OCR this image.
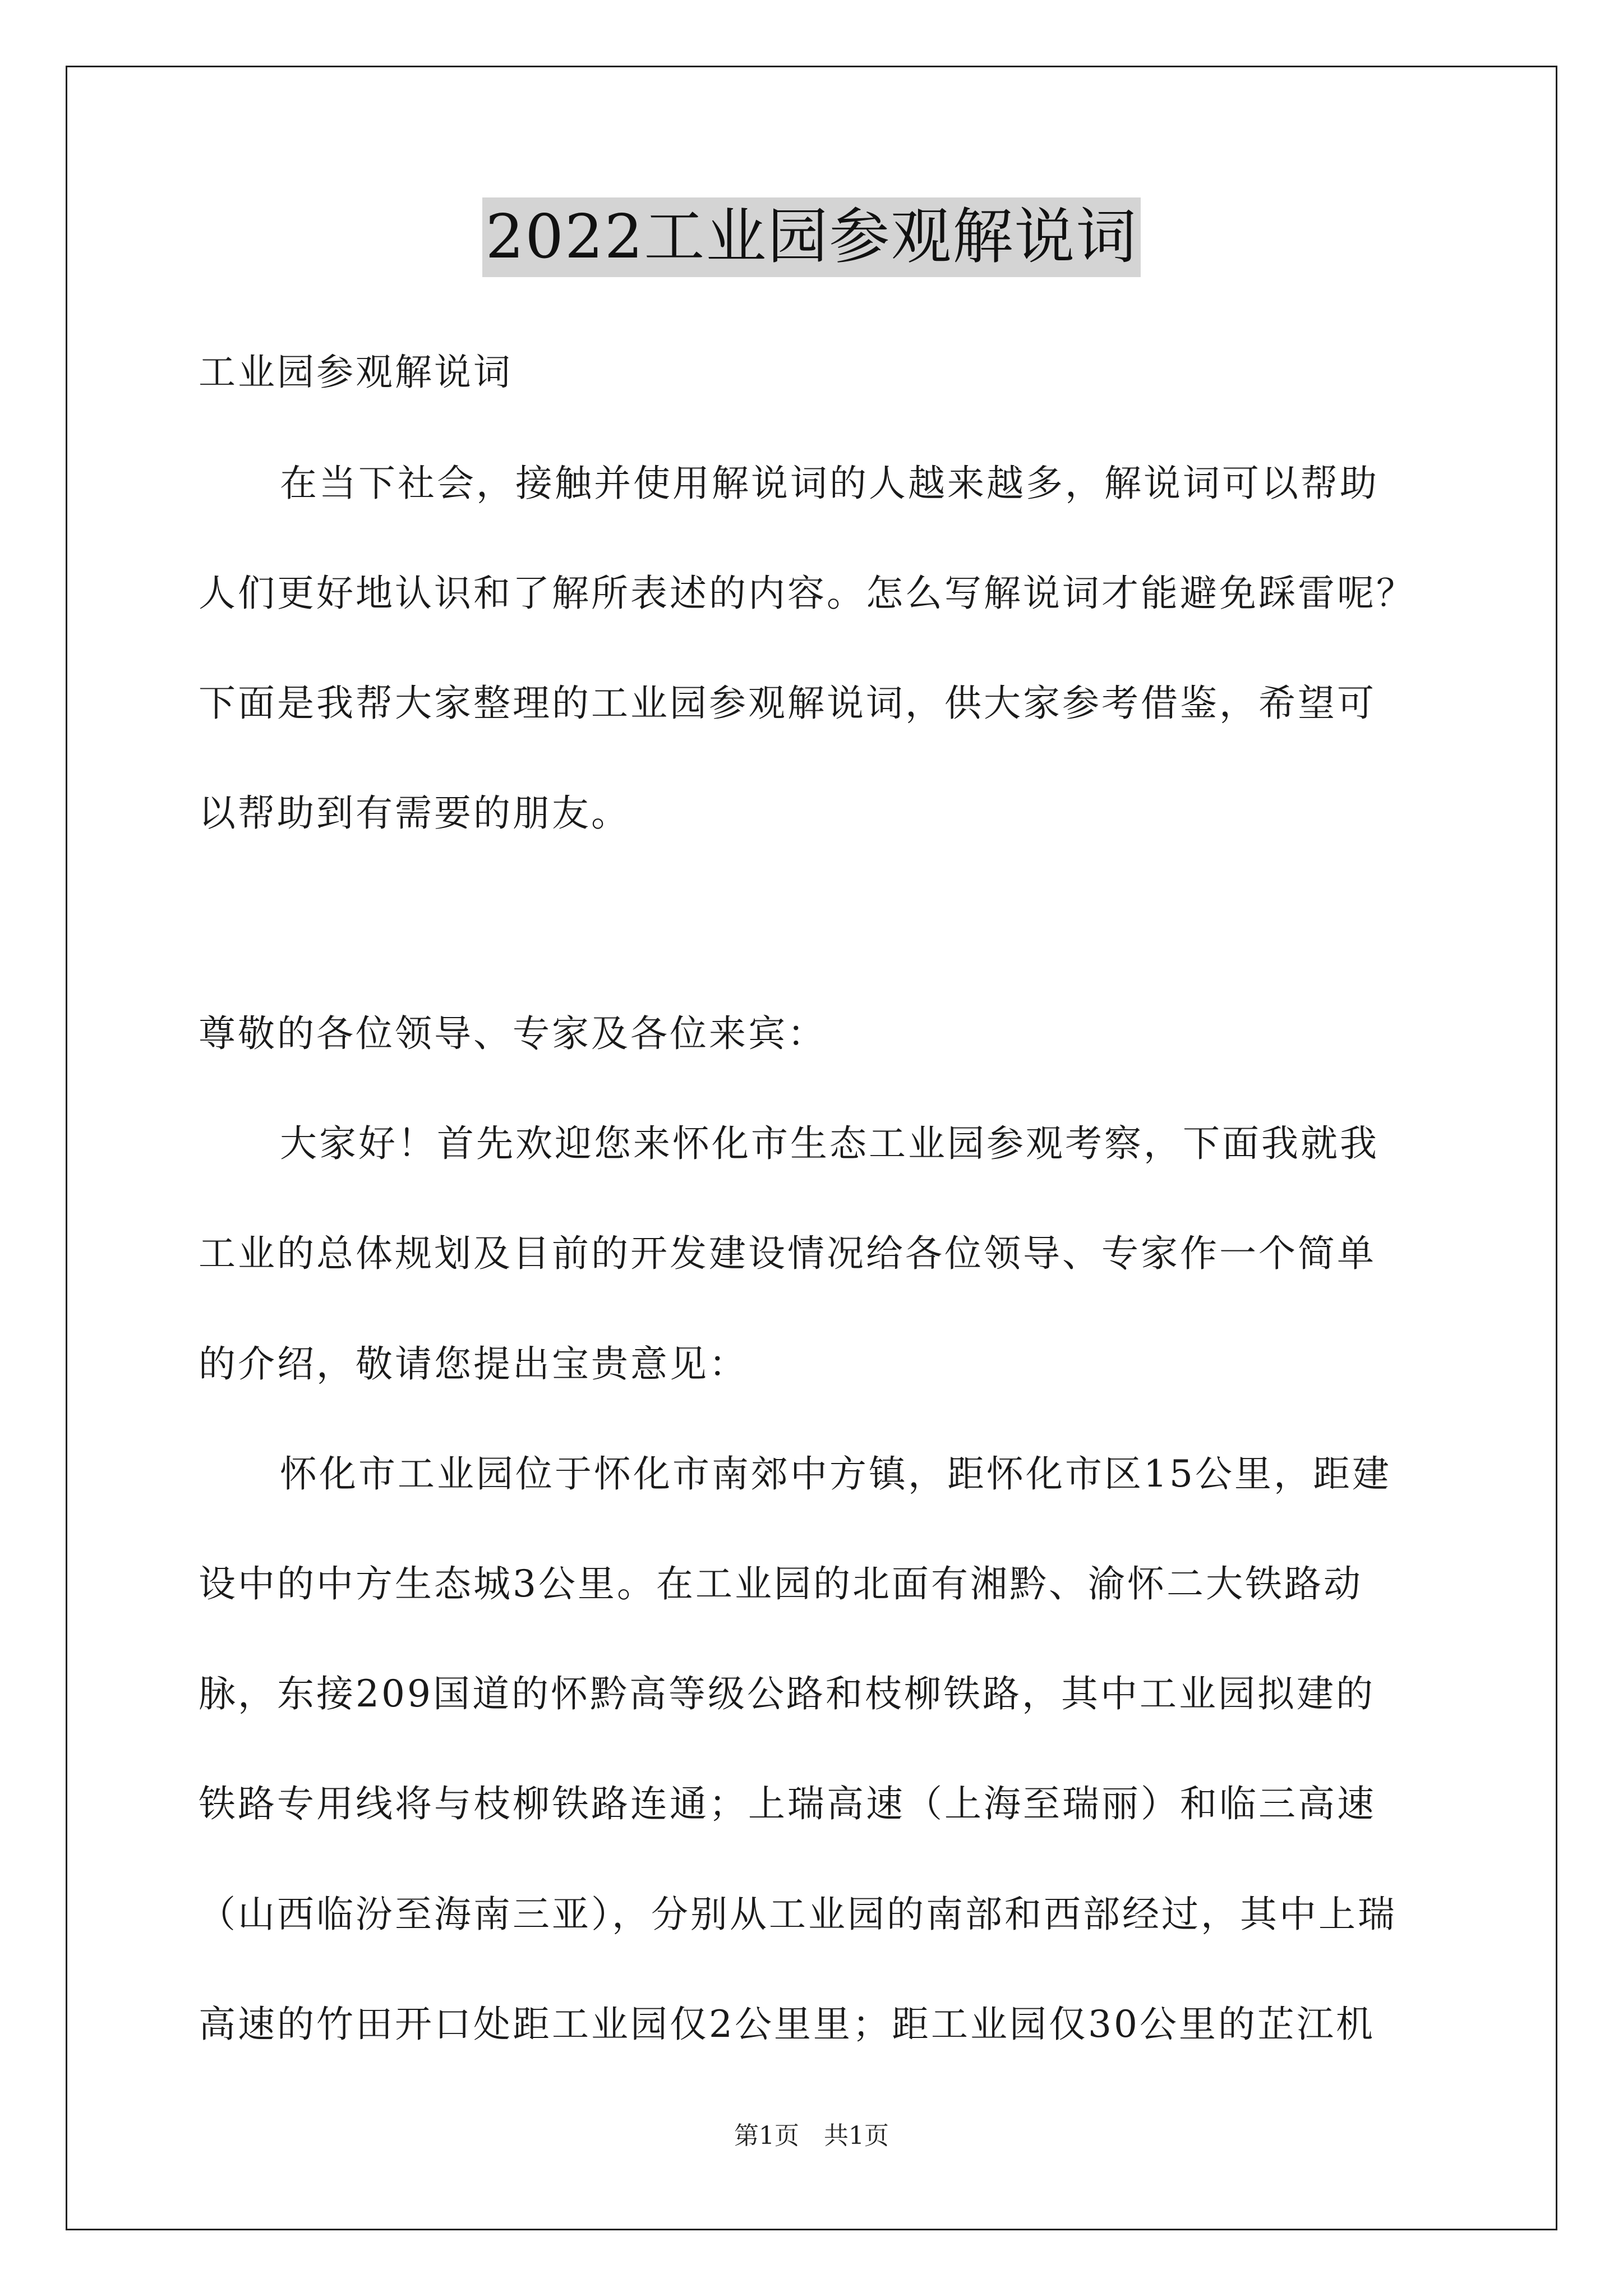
2022工业园参观解说词
工业园参观解说词
在当下社会，接触并使用解说词的人越来越多，解说词可以帮助
人们更好地认识和了解所表述的内容。怎么写解说词才能避免踩雷呢？
下面是我帮大家整理的工业园参观解说词，供大家参考借鉴，希望可
以帮助到有需要的朋友。
尊敬的各位领导、专家及各位来宾：
大家好！首先欢迎您来怀化市生态工业园参观考察，下面我就我
工业的总体规划及目前的开发建设情况给各位领导、专家作一个简单
的介绍，敬请您提出宝贵意见：
怀化市工业园位于怀化市南郊中方镇，距怀化市区15公里，距建
设中的中方生态城3公里。在工业园的北面有湘黔、渝怀二大铁路动
脉，东接209国道的怀黔高等级公路和枝柳铁路，其中工业园拟建的
铁路专用线将与枝柳铁路连通；上瑞高速（上海至瑞丽）和临三高速
（山西临汾至海南三亚），分别从工业园的南部和西部经过，其中上瑞
高速的竹田开口处距工业园仅2公里里；距工业园仅30公里的芷江机
第1页　共1页
